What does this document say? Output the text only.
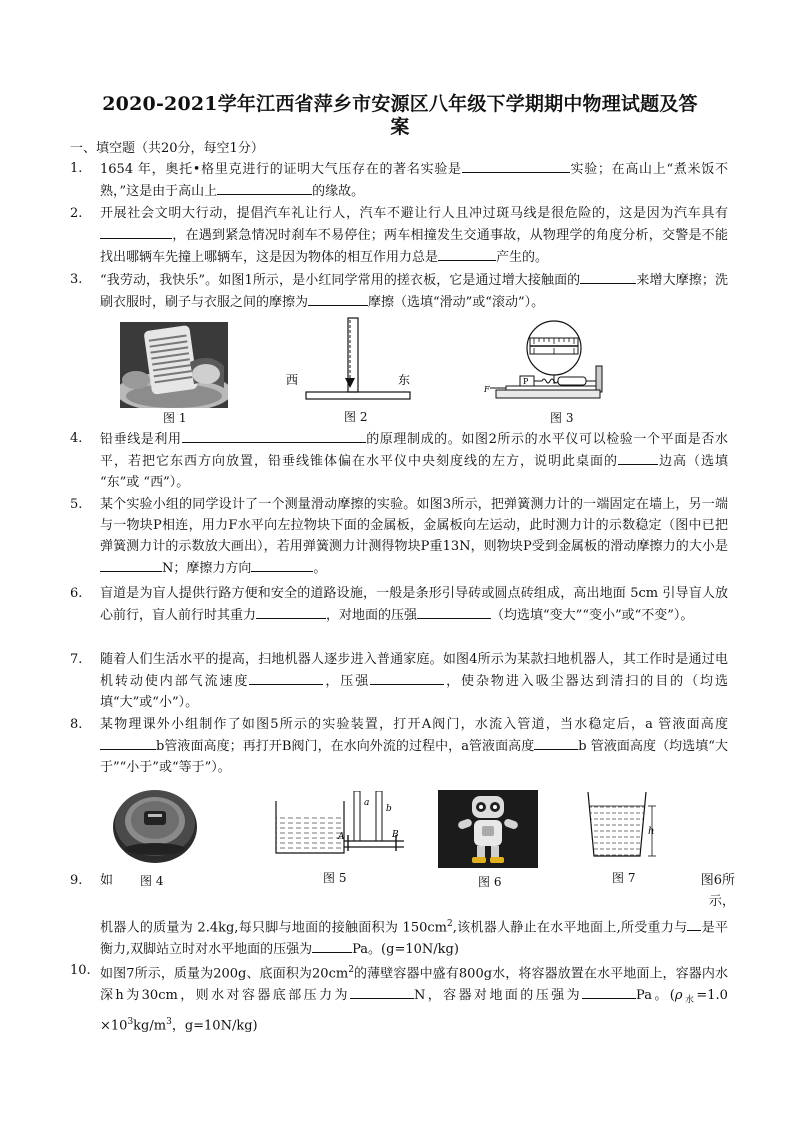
2020-2021学年江西省萍乡市安源区八年级下学期期中物理试题及答
案
一、填空题（共20分，每空1分）
1. 1654 年，奥托•格里克进行的证明大气压存在的著名实验是	实验；在高山上“煮米饭不熟，”这是由于高山上	的缘故。
2. 开展社会文明大行动，提倡汽车礼让行人，汽车不避让行人且冲过斑马线是很危险的，这是因为汽车具有，在遇到紧急情况时刹车不易停住；两车相撞发生交通事故，从物理学的角度分析，交警是不能找出哪辆车先撞上哪辆车，这是因为物体的相互作用力总是	产生的。
3. “我劳动，我快乐”。如图1所示，是小红同学常用的搓衣板，它是通过增大接触面的	来增大摩擦；洗刷衣服时，刷子与衣服之间的摩擦为	摩擦（选填“滑动”或“滚动”）。
图 1
西	东
图 2
P
F
图 3
4. 铅垂线是利用	的原理制成的。如图2所示的水平仪可以检验一个平面是否水平，若把它东西方向放置，铅垂线锥体偏在水平仪中央刻度线的左方，说明此桌面的	边高（选填 “东”或 “西”）。
5. 某个实验小组的同学设计了一个测量滑动摩擦的实验。如图3所示，把弹簧测力计的一端固定在墙上，另一端与一物块P相连，用力F水平向左拉物块下面的金属板，金属板向左运动，此时测力计的示数稳定（图中已把弹簧测力计的示数放大画出），若用弹簧测力计测得物块P重13N，则物块P受到金属板的滑动摩擦力的大小是N；摩擦力方向	。
6. 盲道是为盲人提供行路方便和安全的道路设施，一般是条形引导砖或圆点砖组成，高出地面 5cm 引导盲人放心前行，盲人前行时其重力	，对地面的压强	（均选填“变大”“变小”或“不变”）。
7. 随着人们生活水平的提高，扫地机器人逐步进入普通家庭。如图4所示为某款扫地机器人，其工作时是通过电机转动使内部气流速度	，压强	，使杂物进入吸尘器达到清扫的目的（均选填“大”或“小”）。
8. 某物理课外小组制作了如图5所示的实验装置，打开A阀门，水流入管道，当水稳定后，a 管液面高度b管液面高度；再打开B阀门，在水向外流的过程中，a管液面高度	b 管液面高度（均选填“大于”“小于”或“等于”）。
图 4
a
b
A	B
图 5	图 6
h
图 7
9. 如	图6所
示，
机器人的质量为 2.4kg,每只脚与地面的接触面积为 $150cm^2$,该机器人静止在水平地面上,所受重力与 是平衡力,双脚站立时对水平地面的压强为	Pa。(g=10N/kg)
10. 如图7所示，质量为200g、底面积为$20cm^2$的薄壁容器中盛有800g水，将容器放置在水平地面上，容器内水深h为30cm，则水对容器底部压力为	N，容器对地面的压强为	Pa。($\rho_水=1.0 \times 10^3kg/m^3$，g=10N/kg)
